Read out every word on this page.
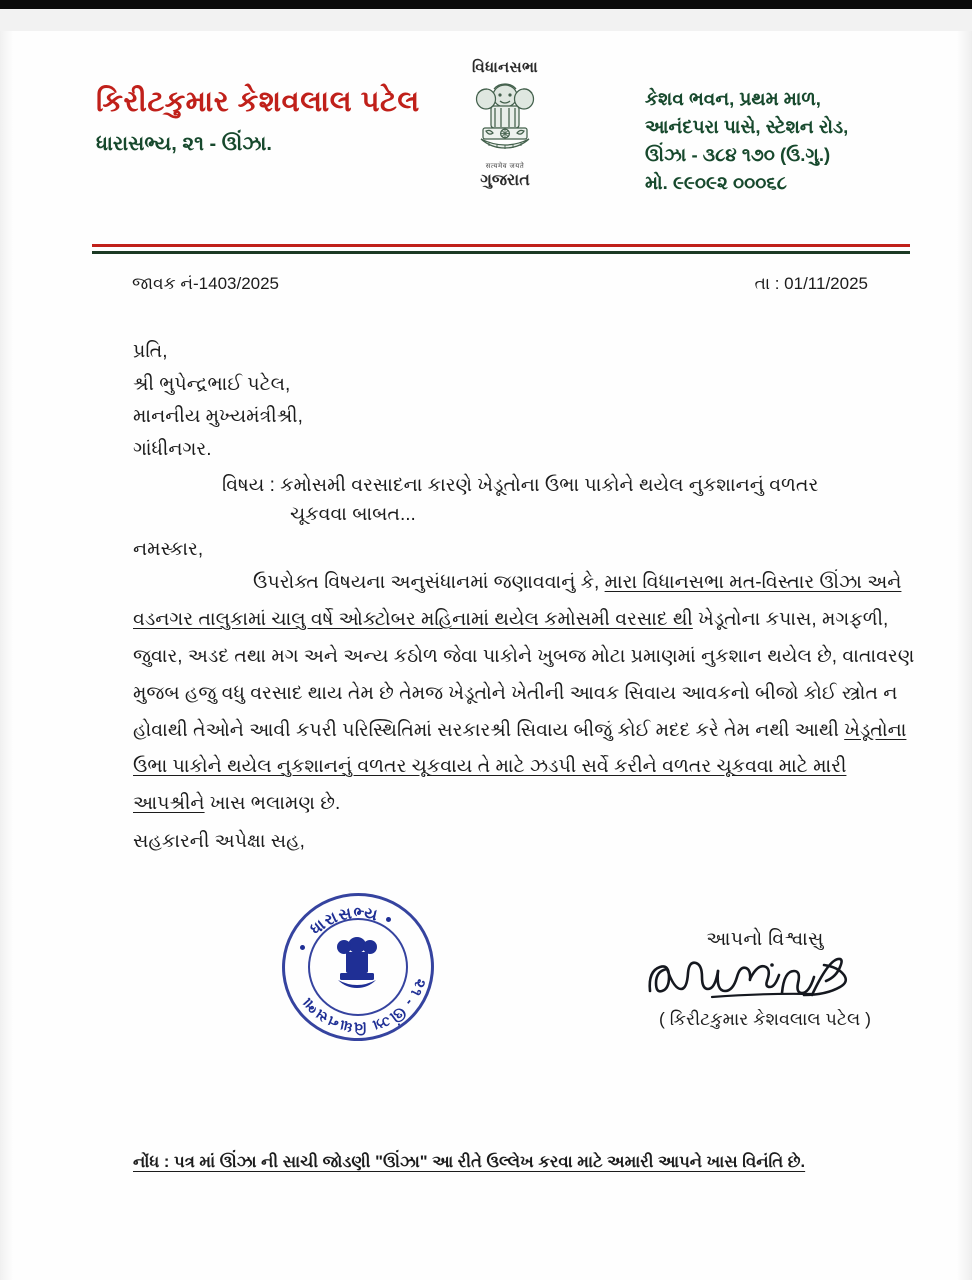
કિરીટકુમાર કેશવલાલ પટેલ
ધારાસભ્ય, ૨૧ - ઊંઝા.
વિધાનસભા
सत्यमेव जयते
ગુજરાત
કેશવ ભવન, પ્રથમ માળ,
આનંદપરા પાસે, સ્ટેશન રોડ,
ઊંઝા - ૩૮૪ ૧૭૦ (ઉ.ગુ.)
મો. ૯૯૦૯૨ ૦૦૦૬૮
જાવક નં-1403/2025	તા : 01/11/2025
પ્રતિ,
શ્રી ભુપેન્દ્રભાઈ પટેલ,
માનનીય મુખ્યમંત્રીશ્રી,
ગાંધીનગર.
વિષય : કમોસમી વરસાદના કારણે ખેડૂતોના ઉભા પાકોને થયેલ નુકશાનનું વળતર
ચૂકવવા બાબત...
નમસ્કાર,
ઉપરોક્ત વિષયના અનુસંધાનમાં જણાવવાનું કે, મારા વિધાનસભા મત-વિસ્તાર ઊંઝા અને
વડનગર તાલુકામાં ચાલુ વર્ષે ઓક્ટોબર મહિનામાં થયેલ કમોસમી વરસાદ થી ખેડૂતોના કપાસ, મગફળી,
જુવાર, અડદ તથા મગ અને અન્ય કઠોળ જેવા પાકોને ખુબજ મોટા પ્રમાણમાં નુકશાન થયેલ છે, વાતાવરણ
મુજબ હજુ વધુ વરસાદ થાય તેમ છે તેમજ ખેડૂતોને ખેતીની આવક સિવાય આવકનો બીજો કોઈ સ્ત્રોત ન
હોવાથી તેઓને આવી કપરી પરિસ્થિતિમાં સરકારશ્રી સિવાય બીજું કોઈ મદદ કરે તેમ નથી આથી ખેડૂતોના
ઉભા પાકોને થયેલ નુકશાનનું વળતર ચૂકવાય તે માટે ઝડપી સર્વે કરીને વળતર ચૂકવવા માટે મારી
આપશ્રીને ખાસ ભલામણ છે.
સહકારની અપેક્ષા સહ,
ધારાસભ્ય
૨૧ - ઊંઝા વિધાનસભા
આપનો વિશ્વાસુ
( કિરીટકુમાર કેશવલાલ પટેલ )
નોંધ : પત્ર માં ઊંઝા ની સાચી જોડણી "ઊંઝા" આ રીતે ઉલ્લેખ કરવા માટે અમારી આપને ખાસ વિનંતિ છે.
